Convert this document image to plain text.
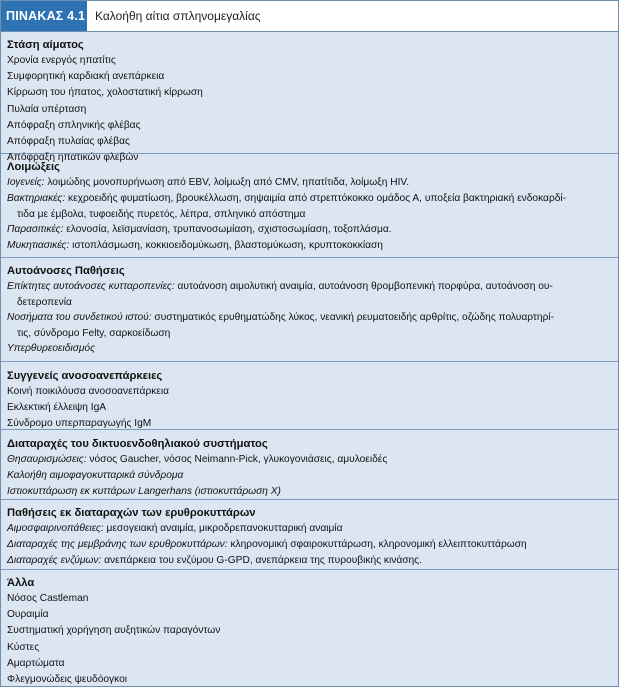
ΠΙΝΑΚΑΣ 4.1 Καλοήθη αίτια σπληνομεγαλίας
Στάση αίματος
Χρονία ενεργός ηπατίτις
Συμφορητική καρδιακή ανεπάρκεια
Κίρρωση του ήπατος, χολοστατική κίρρωση
Πυλαία υπέρταση
Απόφραξη σπληνικής φλέβας
Απόφραξη πυλαίας φλέβας
Απόφραξη ηπατικών φλεβών
Λοιμώξεις
Ιογενείς: λοιμώδης μονοπυρήνωση από EBV, λοίμωξη από CMV, ηπατίτιδα, λοίμωξη HIV.
Βακτηριακές: κεχροειδής φυματίωση, βρουκέλλωση, σηψαιμία από στρεπτόκοκκο ομάδος Α, υποξεία βακτηριακή ενδοκαρδί-
τιδα με έμβολα, τυφοειδής πυρετός, λέπρα, σπληνικό απόστημα
Παρασιτικές: ελονοσία, λεϊσμανίαση, τρυπανοσωμίαση, σχιστοσωμίαση, τοξοπλάσμα.
Μυκητιασικές: ιστοπλάσμωση, κοκκιοειδομύκωση, βλαστομύκωση, κρυπτοκοκκίαση
Αυτοάνοσες Παθήσεις
Επίκτητες αυτοάνοσες κυτταροπενίες: αυτοάνοση αιμολυτική αναιμία, αυτοάνοση θρομβοπενική πορφύρα, αυτοάνοση ου-
δετεροπενία
Νοσήματα του συνδετικού ιστού: συστηματικός ερυθηματώδης λύκος, νεανική ρευματοειδής αρθρίτις, οζώδης πολυαρτηρί-
τις, σύνδρομο Felty, σαρκοείδωση
Υπερθυρεοειδισμός
Συγγενείς ανοσοανεπάρκειες
Κοινή ποικιλόυσα ανοσοανεπάρκεια
Εκλεκτική έλλειψη IgA
Σύνδρομο υπερπαραγωγής IgM
Διαταραχές του δικτυοενδοθηλιακού συστήματος
Θησαυρισμώσεις: νόσος Gaucher, νόσος Neimann-Pick, γλυκογονιάσεις, αμυλοειδές
Καλοήθη αιμοφαγοκυτταρικά σύνδρομα
Ιστιοκυττάρωση εκ κυττάρων Langerhans (ιστιοκυττάρωση Χ)
Παθήσεις εκ διαταραχών των ερυθροκυττάρων
Αιμοσφαιρινοπάθειες: μεσογειακή αναιμία, μικροδρεπανοκυτταρική αναιμία
Διαταραχές της μεμβράνης των ερυθροκυττάρων: κληρονομική σφαιροκυττάρωση, κληρονομική ελλειπτοκυττάρωση
Διαταραχές ενζύμων: ανεπάρκεια του ενζύμου G-GPD, ανεπάρκεια της πυρουβικής κινάσης.
Άλλα
Νόσος Castleman
Ουραιμία
Συστηματική χορήγηση αυξητικών παραγόντων
Κύστες
Αμαρτώματα
Φλεγμονώδεις ψευδόογκοι
